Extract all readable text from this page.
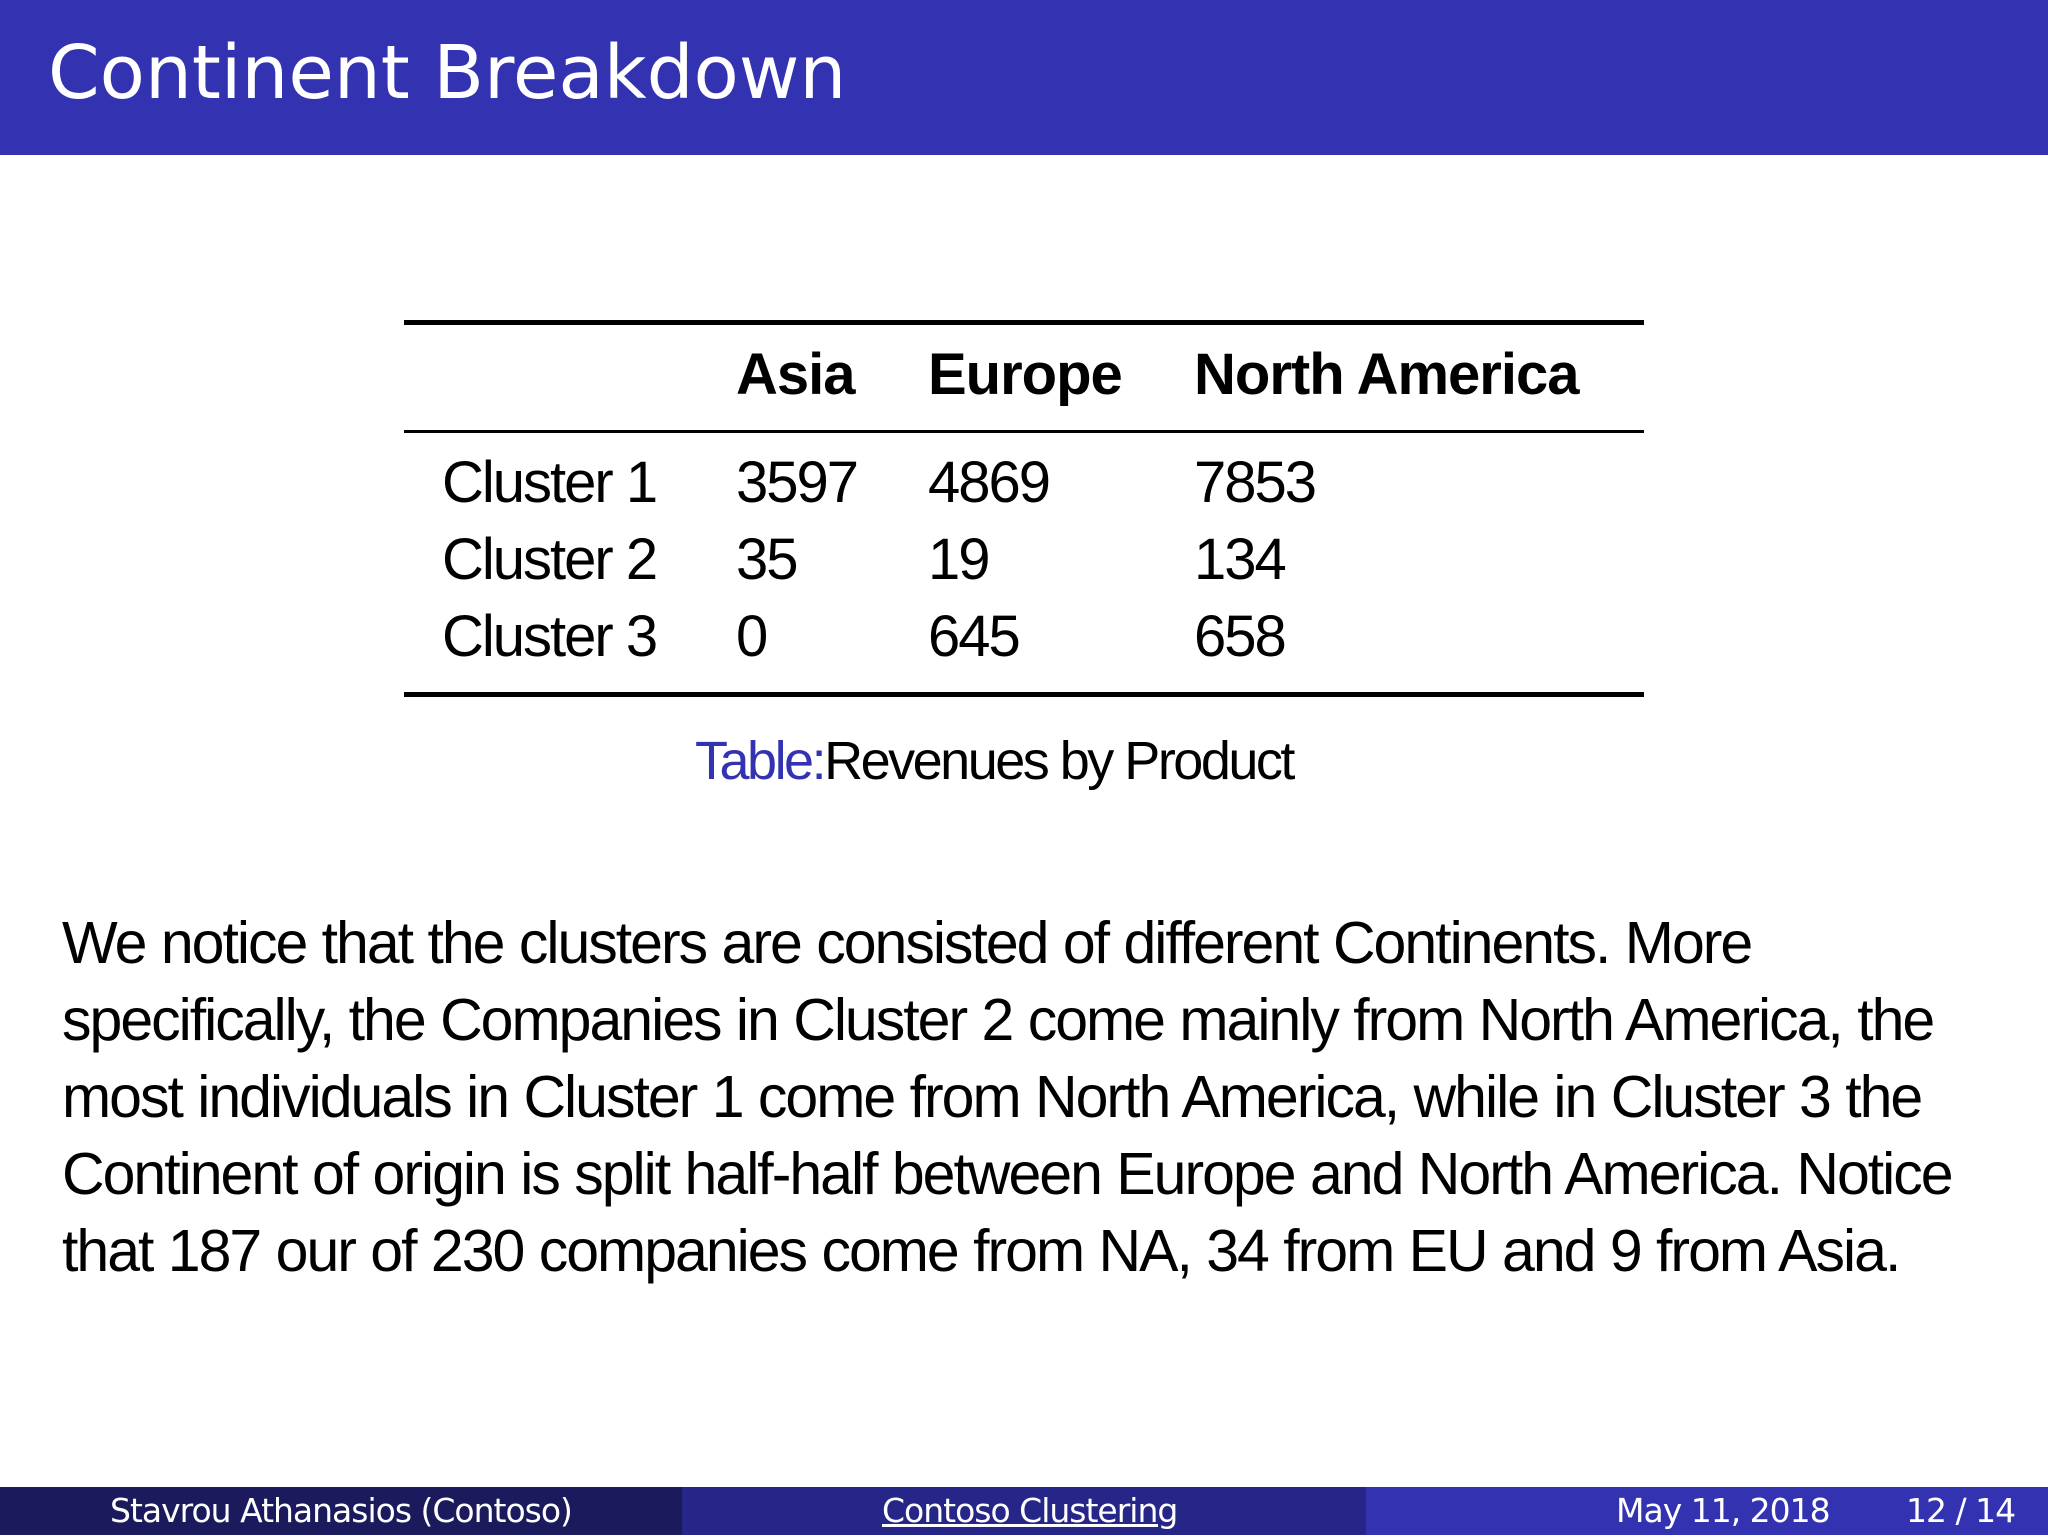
Continent Breakdown
Asia Europe North America
Cluster 1 3597 4869 7853
Cluster 2 35 19	134
Cluster 3 0	645	658
Table:Revenues by Product
We notice that the clusters are consisted of different Continents. More specifically, the Companies in Cluster 2 come mainly from North America, the most individuals in Cluster 1 come from North America, while in Cluster 3 the Continent of origin is split half-half between Europe and North America. Notice that 187 our of 230 companies come from NA, 34 from EU and 9 from Asia.
Stavrou Athanasios (Contoso)	Contoso Clustering	May 11, 2018 12 / 14
